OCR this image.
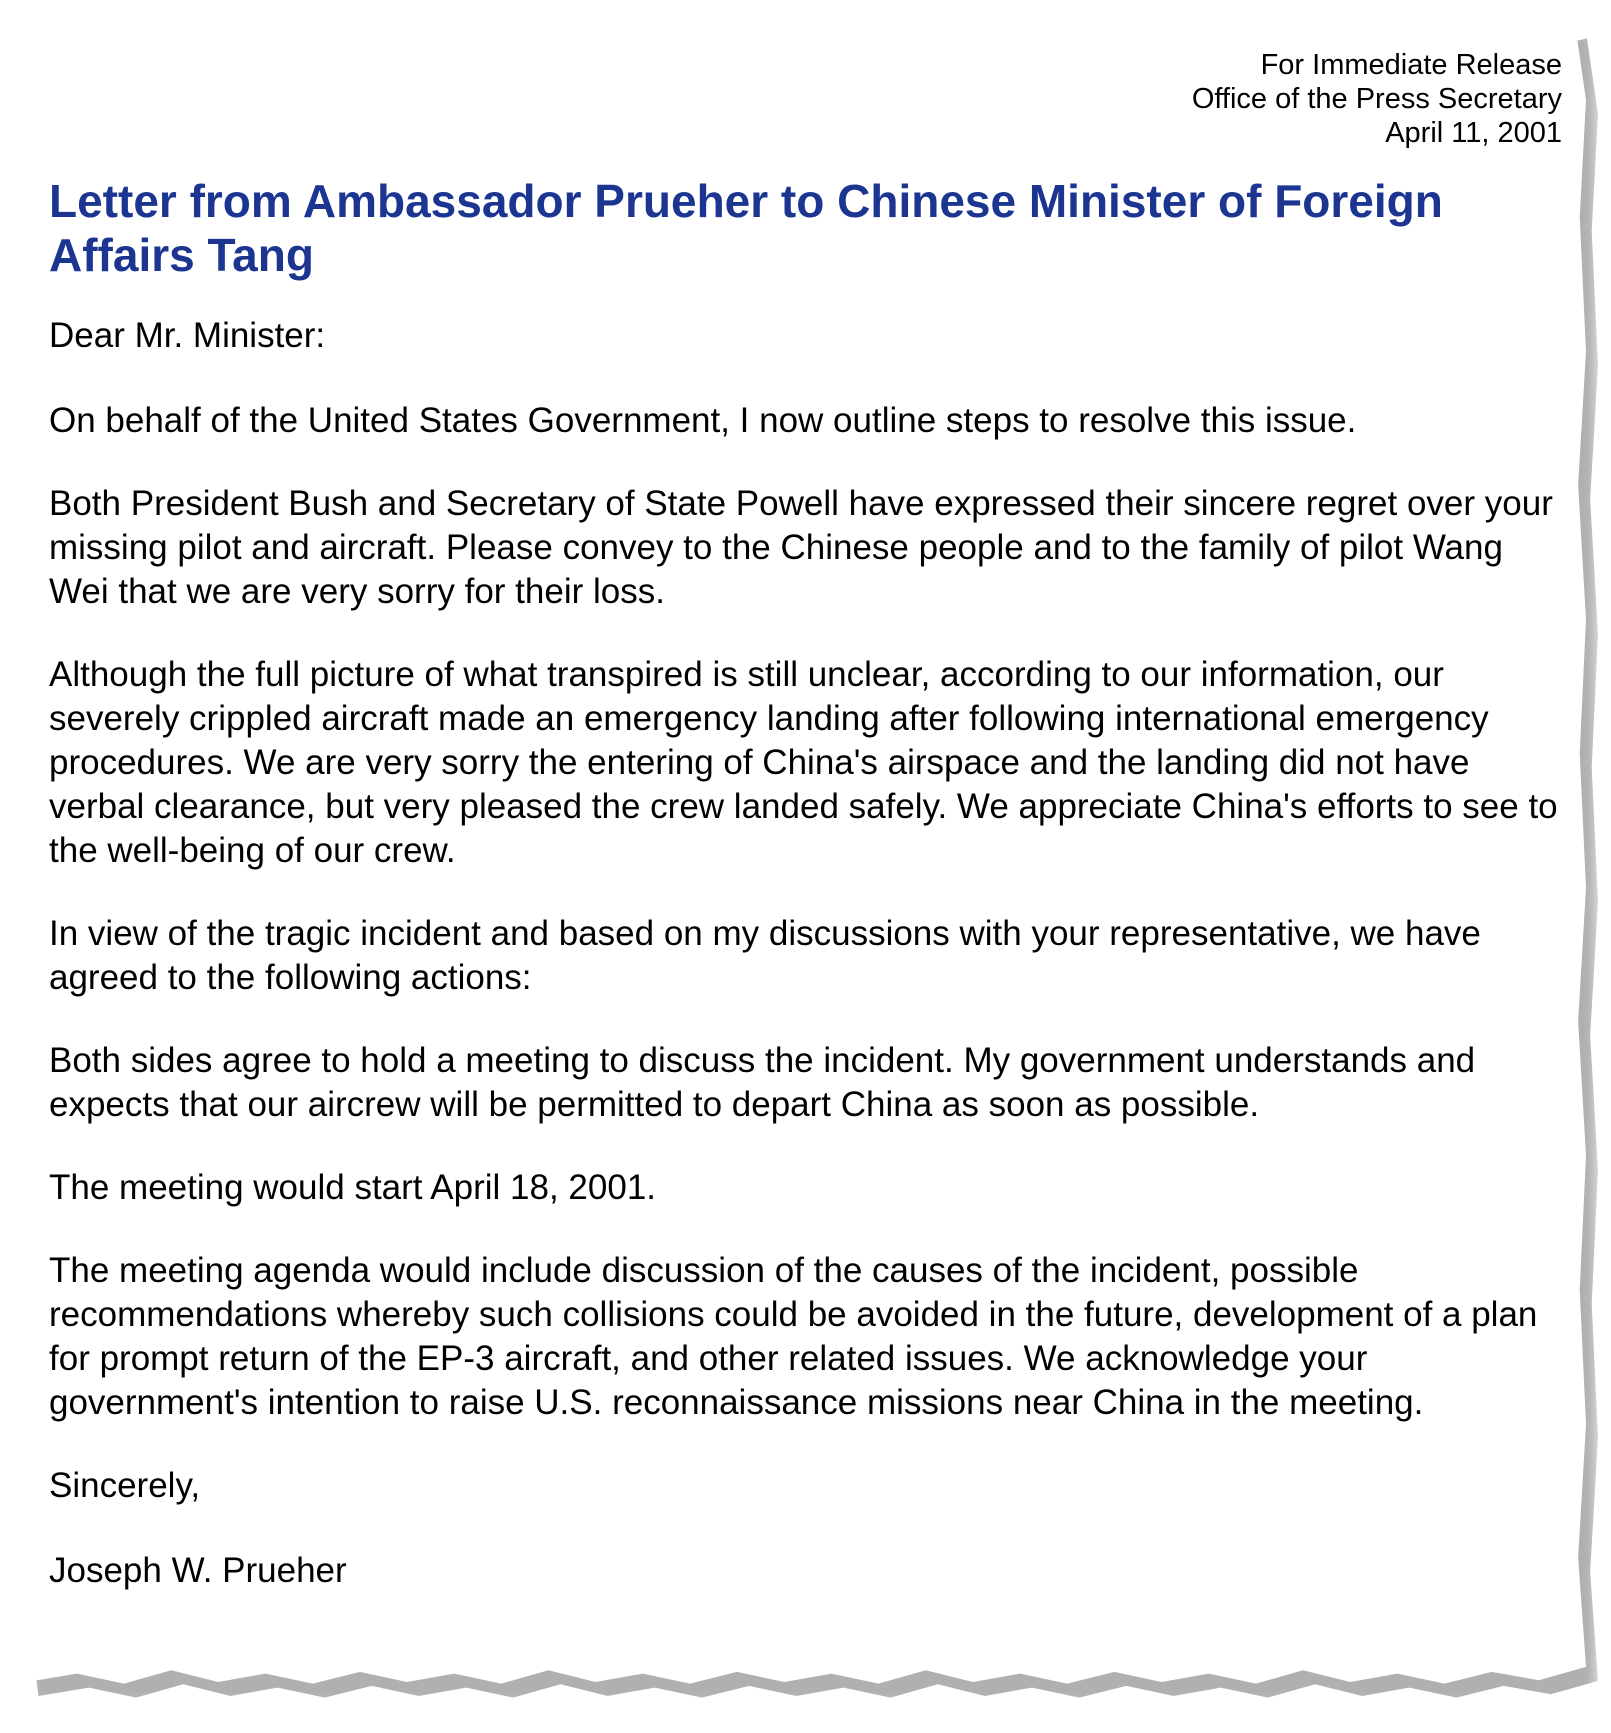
For Immediate Release
Office of the Press Secretary
April 11, 2001
Letter from Ambassador Prueher to Chinese Minister of Foreign Affairs Tang

Dear Mr. Minister:

On behalf of the United States Government, I now outline steps to resolve this issue.

Both President Bush and Secretary of State Powell have expressed their sincere regret over your missing pilot and aircraft. Please convey to the Chinese people and to the family of pilot Wang Wei that we are very sorry for their loss.

Although the full picture of what transpired is still unclear, according to our information, our severely crippled aircraft made an emergency landing after following international emergency procedures. We are very sorry the entering of China's airspace and the landing did not have verbal clearance, but very pleased the crew landed safely. We appreciate China's efforts to see to the well-being of our crew.

In view of the tragic incident and based on my discussions with your representative, we have agreed to the following actions:

Both sides agree to hold a meeting to discuss the incident. My government understands and expects that our aircrew will be permitted to depart China as soon as possible.

The meeting would start April 18, 2001.

The meeting agenda would include discussion of the causes of the incident, possible recommendations whereby such collisions could be avoided in the future, development of a plan for prompt return of the EP-3 aircraft, and other related issues. We acknowledge your government's intention to raise U.S. reconnaissance missions near China in the meeting.

Sincerely,

Joseph W. Prueher
